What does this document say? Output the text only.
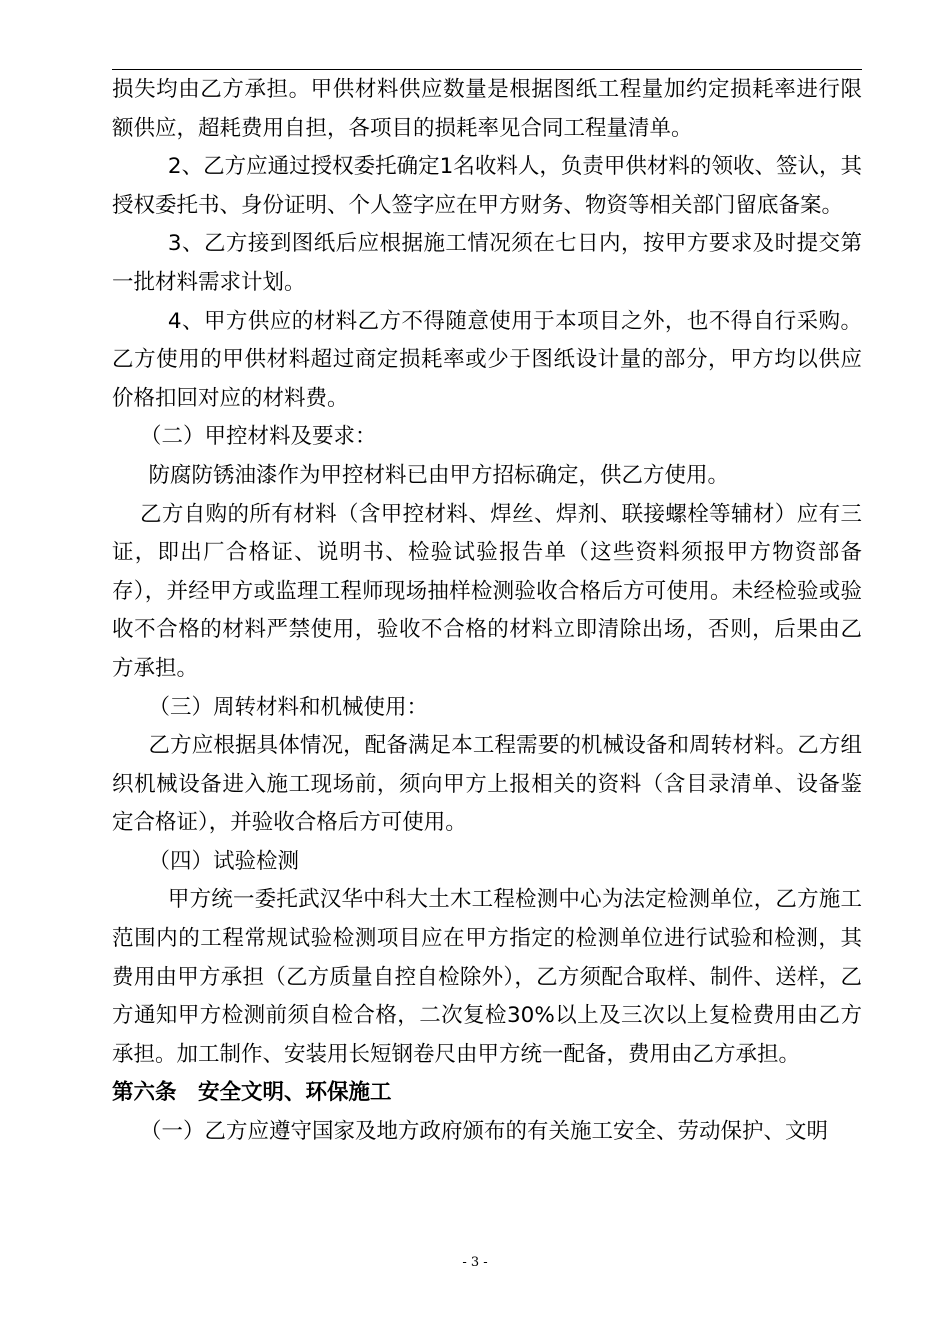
损失均由乙方承担。甲供材料供应数量是根据图纸工程量加约定损耗率进行限额供应，超耗费用自担，各项目的损耗率见合同工程量清单。

2、乙方应通过授权委托确定1名收料人，负责甲供材料的领收、签认，其授权委托书、身份证明、个人签字应在甲方财务、物资等相关部门留底备案。

3、乙方接到图纸后应根据施工情况须在七日内，按甲方要求及时提交第一批材料需求计划。

4、甲方供应的材料乙方不得随意使用于本项目之外，也不得自行采购。乙方使用的甲供材料超过商定损耗率或少于图纸设计量的部分，甲方均以供应价格扣回对应的材料费。

（二）甲控材料及要求：

防腐防锈油漆作为甲控材料已由甲方招标确定，供乙方使用。

乙方自购的所有材料（含甲控材料、焊丝、焊剂、联接螺栓等辅材）应有三证，即出厂合格证、说明书、检验试验报告单（这些资料须报甲方物资部备存），并经甲方或监理工程师现场抽样检测验收合格后方可使用。未经检验或验收不合格的材料严禁使用，验收不合格的材料立即清除出场，否则，后果由乙方承担。

（三）周转材料和机械使用：

乙方应根据具体情况，配备满足本工程需要的机械设备和周转材料。乙方组织机械设备进入施工现场前，须向甲方上报相关的资料（含目录清单、设备鉴定合格证），并验收合格后方可使用。

（四）试验检测

甲方统一委托武汉华中科大土木工程检测中心为法定检测单位，乙方施工范围内的工程常规试验检测项目应在甲方指定的检测单位进行试验和检测，其费用由甲方承担（乙方质量自控自检除外），乙方须配合取样、制件、送样，乙方通知甲方检测前须自检合格，二次复检30%以上及三次以上复检费用由乙方承担。加工制作、安装用长短钢卷尺由甲方统一配备，费用由乙方承担。

第六条　安全文明、环保施工

（一）乙方应遵守国家及地方政府颁布的有关施工安全、劳动保护、文明

- 3 -
